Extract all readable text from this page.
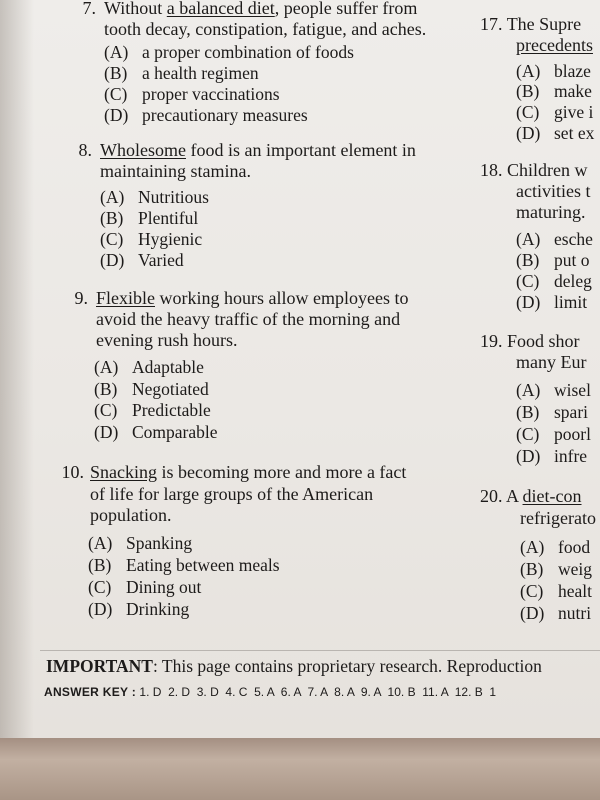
7. Without a balanced diet, people suffer from
tooth decay, constipation, fatigue, and aches.
(A) a proper combination of foods
(B) a health regimen
(C) proper vaccinations
(D) precautionary measures
8. Wholesome food is an important element in
maintaining stamina.
(A) Nutritious
(B) Plentiful
(C) Hygienic
(D) Varied
9. Flexible working hours allow employees to
avoid the heavy traffic of the morning and
evening rush hours.
(A) Adaptable
(B) Negotiated
(C) Predictable
(D) Comparable
10. Snacking is becoming more and more a fact
of life for large groups of the American
population.
(A) Spanking
(B) Eating between meals
(C) Dining out
(D) Drinking
17. The Supre
precedents
(A) blaze
(B) make
(C) give i
(D) set ex
18. Children w
activities t
maturing.
(A) esche
(B) put o
(C) deleg
(D) limit
19. Food shor
many Eur
(A) wisel
(B) spari
(C) poorl
(D) infre
20. A diet-con
refrigerato
(A) food
(B) weig
(C) healt
(D) nutri
IMPORTANT: This page contains proprietary research. Reproduction
ANSWER KEY : 1. D  2. D  3. D  4. C  5. A  6. A  7. A  8. A  9. A  10. B  11. A  12. B  1
